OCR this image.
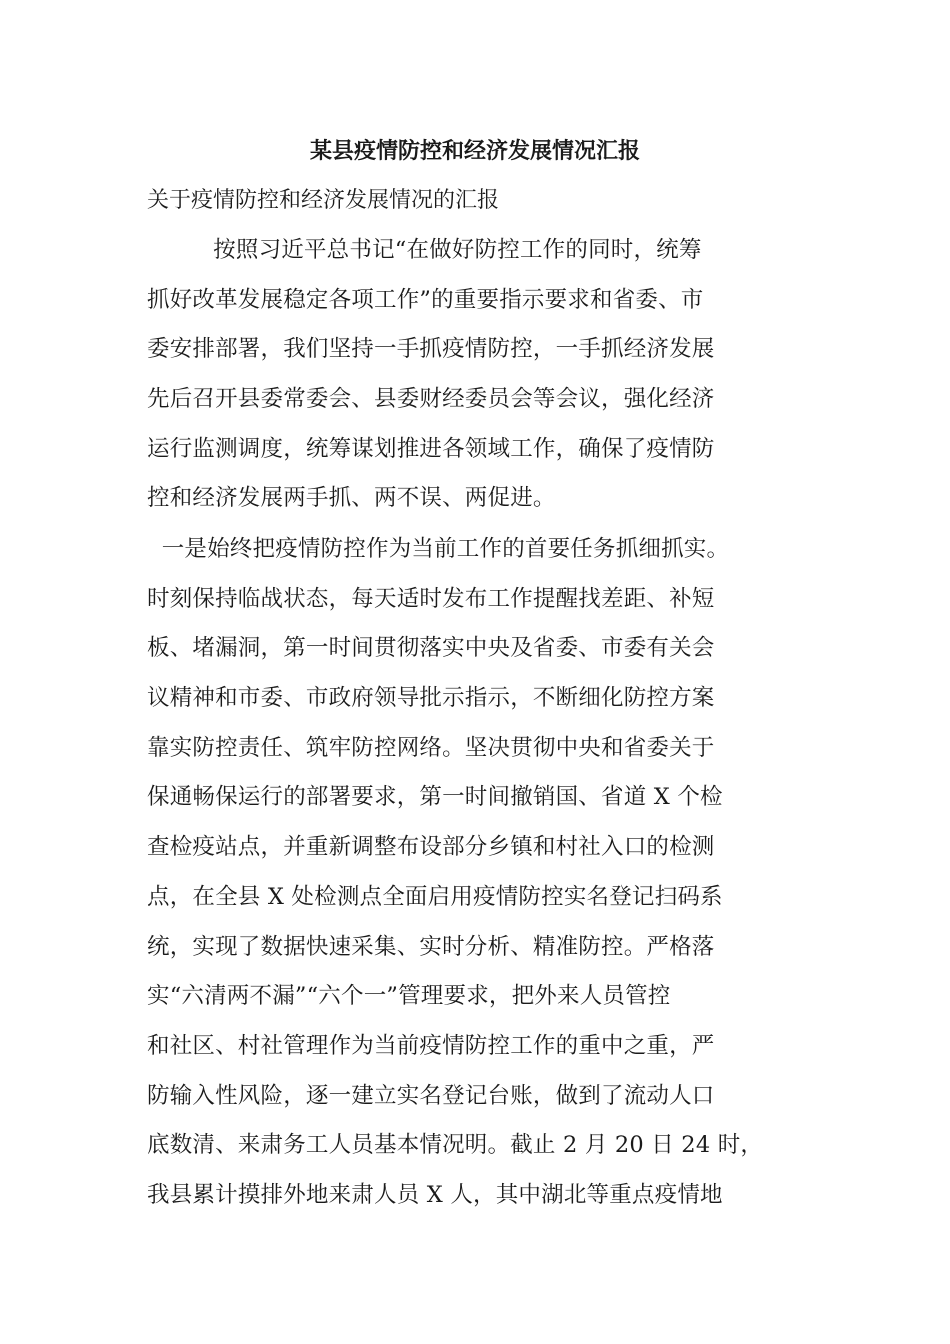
某县疫情防控和经济发展情况汇报
关于疫情防控和经济发展情况的汇报
按照习近平总书记“在做好防控工作的同时，统筹
抓好改革发展稳定各项工作”的重要指示要求和省委、市
委安排部署，我们坚持一手抓疫情防控，一手抓经济发展
先后召开县委常委会、县委财经委员会等会议，强化经济
运行监测调度，统筹谋划推进各领域工作，确保了疫情防
控和经济发展两手抓、两不误、两促进。
一是始终把疫情防控作为当前工作的首要任务抓细抓实。
时刻保持临战状态，每天适时发布工作提醒找差距、补短
板、堵漏洞，第一时间贯彻落实中央及省委、市委有关会
议精神和市委、市政府领导批示指示，不断细化防控方案
靠实防控责任、筑牢防控网络。坚决贯彻中央和省委关于
保通畅保运行的部署要求，第一时间撤销国、省道 X 个检
查检疫站点，并重新调整布设部分乡镇和村社入口的检测
点，在全县 X 处检测点全面启用疫情防控实名登记扫码系
统，实现了数据快速采集、实时分析、精准防控。严格落
实“六清两不漏”“六个一”管理要求，把外来人员管控
和社区、村社管理作为当前疫情防控工作的重中之重，严
防输入性风险，逐一建立实名登记台账，做到了流动人口
底数清、来肃务工人员基本情况明。截止 2 月 20 日 24 时，
我县累计摸排外地来肃人员 X 人，其中湖北等重点疫情地
